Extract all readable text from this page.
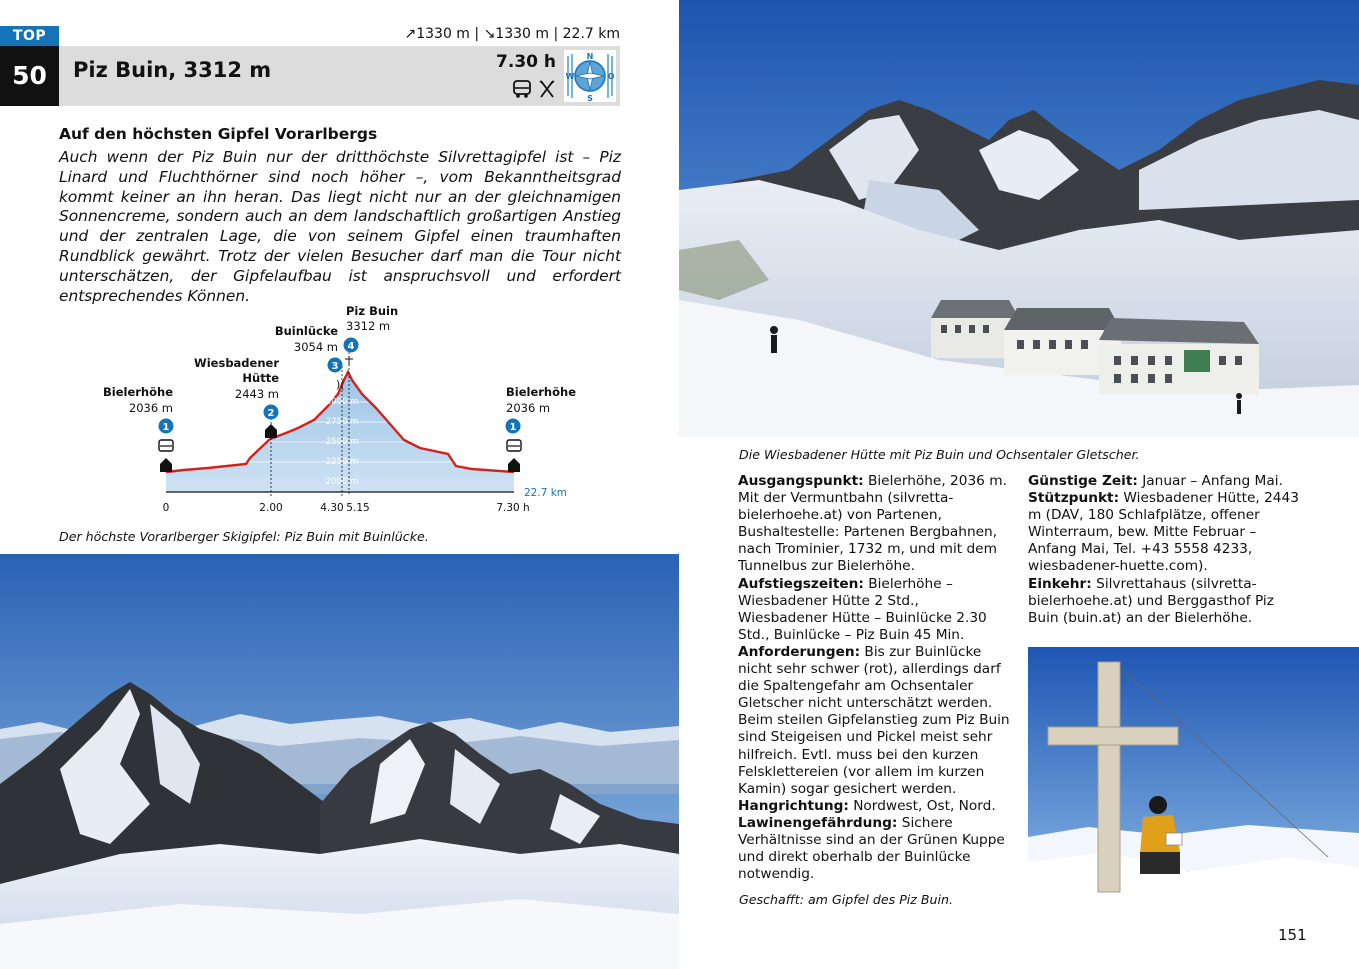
TOP
50	Piz Buin, 3312 m
↗1330 m | ↘1330 m | 22.7 km
7.30 h
	N
S
W	O
Auf den höchsten Gipfel Vorarlbergs
Auch wenn der Piz Buin nur der dritthöchste Silvrettagipfel ist – Piz Linard und Fluchthörner sind noch höher –, vom Bekanntheitsgrad kommt keiner an ihn heran. Das liegt nicht nur an der gleichnamigen Sonnencreme, sondern auch an dem landschaftlich großartigen Anstieg und der zentralen Lage, die von seinem Gipfel einen traumhaften Rundblick gewährt. Trotz der vielen Besucher darf man die Tour nicht unterschätzen, der Gipfelaufbau ist anspruchsvoll und erfordert entsprechendes Können.
3000 m
2750 m
2500 m
2250 m
2000 m
0	2.00	4.30 5.15	7.30 h
22.7 km
)(
1
2
3
4
1
Bielerhöhe
2036 m
Wiesbadener
Hütte
2443 m
Buinlücke
3054 m
Piz Buin
3312 m
Bielerhöhe
2036 m
Der höchste Vorarlberger Skigipfel: Piz Buin mit Buinlücke.
Die Wiesbadener Hütte mit Piz Buin und Ochsentaler Gletscher.

Ausgangspunkt: Bielerhöhe, 2036 m. Mit der Vermuntbahn (silvretta-bielerhoehe.at) von Partenen, Bushaltestelle: Partenen Bergbahnen, nach Trominier, 1732 m, und mit dem Tunnelbus zur Bielerhöhe.

Aufstiegszeiten: Bielerhöhe – Wiesbadener Hütte 2 Std., Wiesbadener Hütte – Buinlücke 2.30 Std., Buinlücke – Piz Buin 45 Min.

Anforderungen: Bis zur Buinlücke nicht sehr schwer (rot), allerdings darf die Spaltengefahr am Ochsentaler Gletscher nicht unterschätzt werden. Beim steilen Gipfelanstieg zum Piz Buin sind Steigeisen und Pickel meist sehr hilfreich. Evtl. muss bei den kurzen Felsklettereien (vor allem im kurzen Kamin) sogar gesichert werden.

Hangrichtung: Nordwest, Ost, Nord.

Lawinengefährdung: Sichere Verhältnisse sind an der Grünen Kuppe und direkt oberhalb der Buinlücke notwendig.

Günstige Zeit: Januar – Anfang Mai.

Stützpunkt: Wiesbadener Hütte, 2443 m (DAV, 180 Schlafplätze, offener Winterraum, bew. Mitte Februar – Anfang Mai, Tel. +43 5558 4233, wiesbadener-huette.com).

Einkehr: Silvrettahaus (silvretta-bielerhoehe.at) und Berggasthof Piz Buin (buin.at) an der Bielerhöhe.

Geschafft: am Gipfel des Piz Buin.
151
